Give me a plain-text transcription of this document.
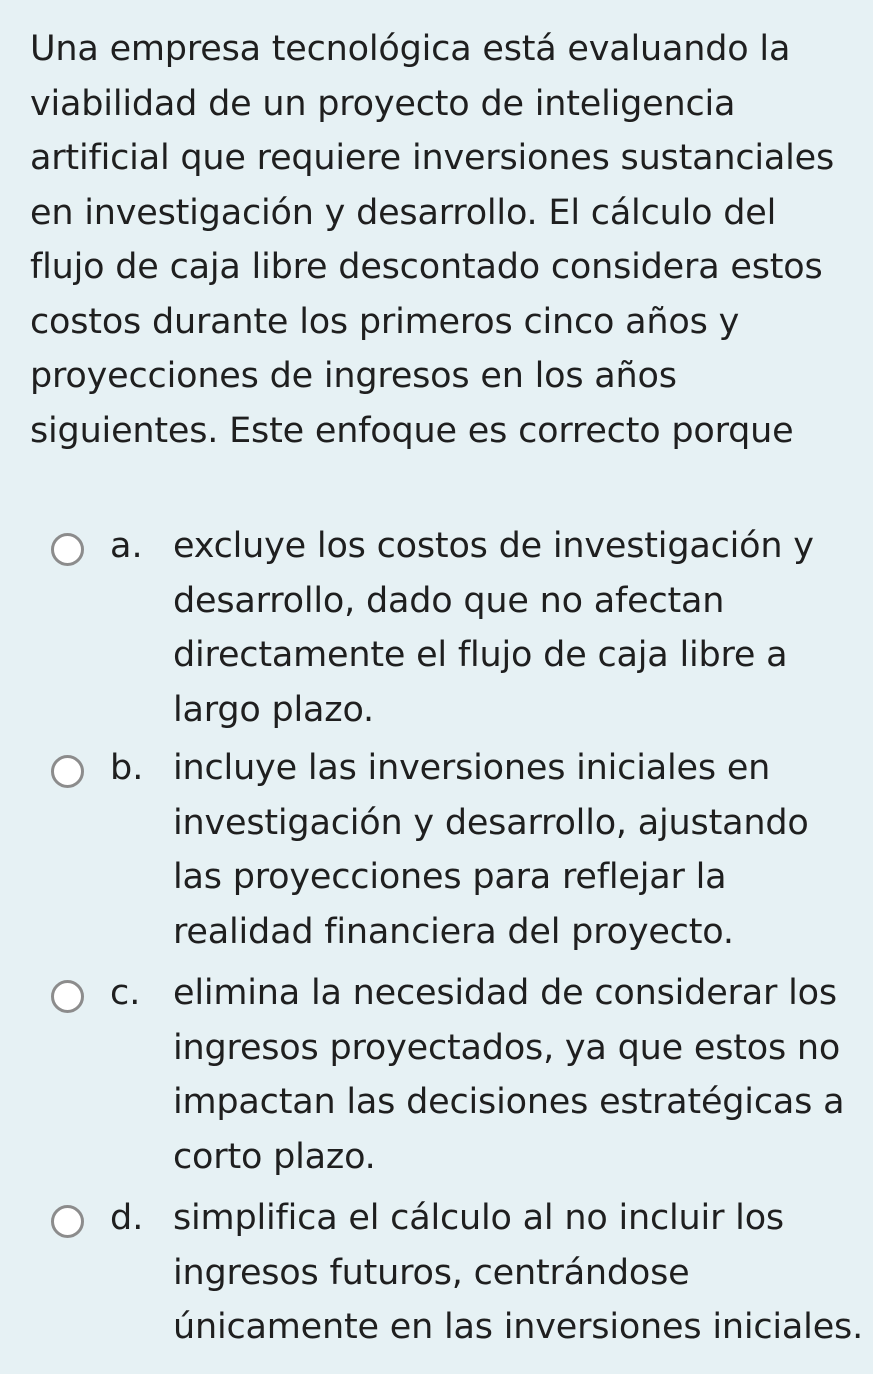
Una empresa tecnológica está evaluando la viabilidad de un proyecto de inteligencia artificial que requiere inversiones sustanciales en investigación y desarrollo. El cálculo del flujo de caja libre descontado considera estos costos durante los primeros cinco años y proyecciones de ingresos en los años siguientes. Este enfoque es correcto porque

a. excluye los costos de investigación y desarrollo, dado que no afectan directamente el flujo de caja libre a largo plazo.
b. incluye las inversiones iniciales en investigación y desarrollo, ajustando las proyecciones para reflejar la realidad financiera del proyecto.
c. elimina la necesidad de considerar los ingresos proyectados, ya que estos no impactan las decisiones estratégicas a corto plazo.
d. simplifica el cálculo al no incluir los ingresos futuros, centrándose únicamente en las inversiones iniciales.
